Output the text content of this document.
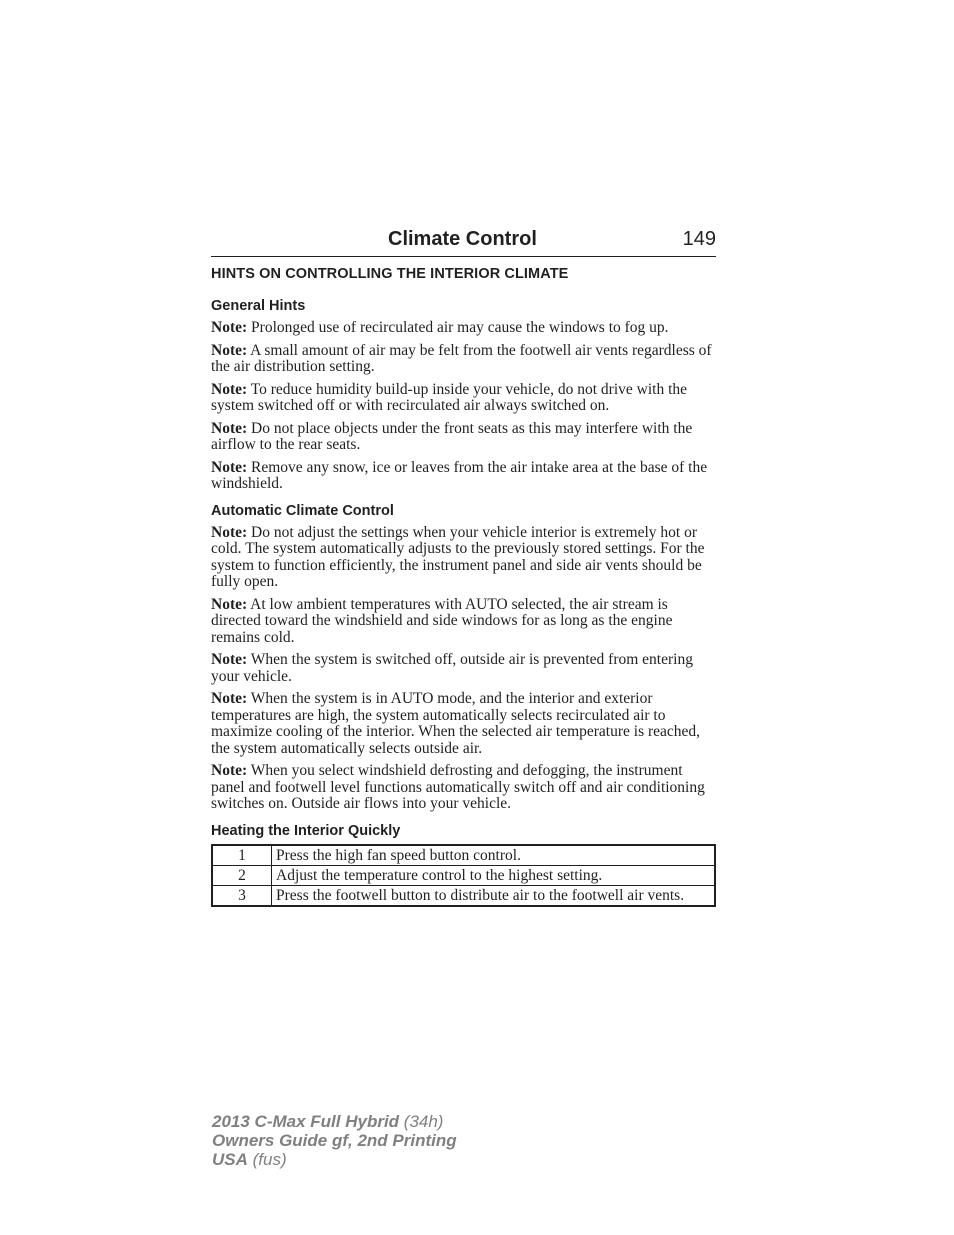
Climate Control	149
HINTS ON CONTROLLING THE INTERIOR CLIMATE
General Hints

Note: Prolonged use of recirculated air may cause the windows to fog up.

Note: A small amount of air may be felt from the footwell air vents regardless of the air distribution setting.

Note: To reduce humidity build-up inside your vehicle, do not drive with the system switched off or with recirculated air always switched on.

Note: Do not place objects under the front seats as this may interfere with the airflow to the rear seats.

Note: Remove any snow, ice or leaves from the air intake area at the base of the windshield.

Automatic Climate Control

Note: Do not adjust the settings when your vehicle interior is extremely hot or cold. The system automatically adjusts to the previously stored settings. For the system to function efficiently, the instrument panel and side air vents should be fully open.

Note: At low ambient temperatures with AUTO selected, the air stream is directed toward the windshield and side windows for as long as the engine remains cold.

Note: When the system is switched off, outside air is prevented from entering your vehicle.

Note: When the system is in AUTO mode, and the interior and exterior temperatures are high, the system automatically selects recirculated air to maximize cooling of the interior. When the selected air temperature is reached, the system automatically selects outside air.

Note: When you select windshield defrosting and defogging, the instrument panel and footwell level functions automatically switch off and air conditioning switches on. Outside air flows into your vehicle.

Heating the Interior Quickly
1	Press the high fan speed button control.
2	Adjust the temperature control to the highest setting.
3	Press the footwell button to distribute air to the footwell air vents.
2013 C-Max Full Hybrid (34h)
Owners Guide gf, 2nd Printing
USA (fus)
